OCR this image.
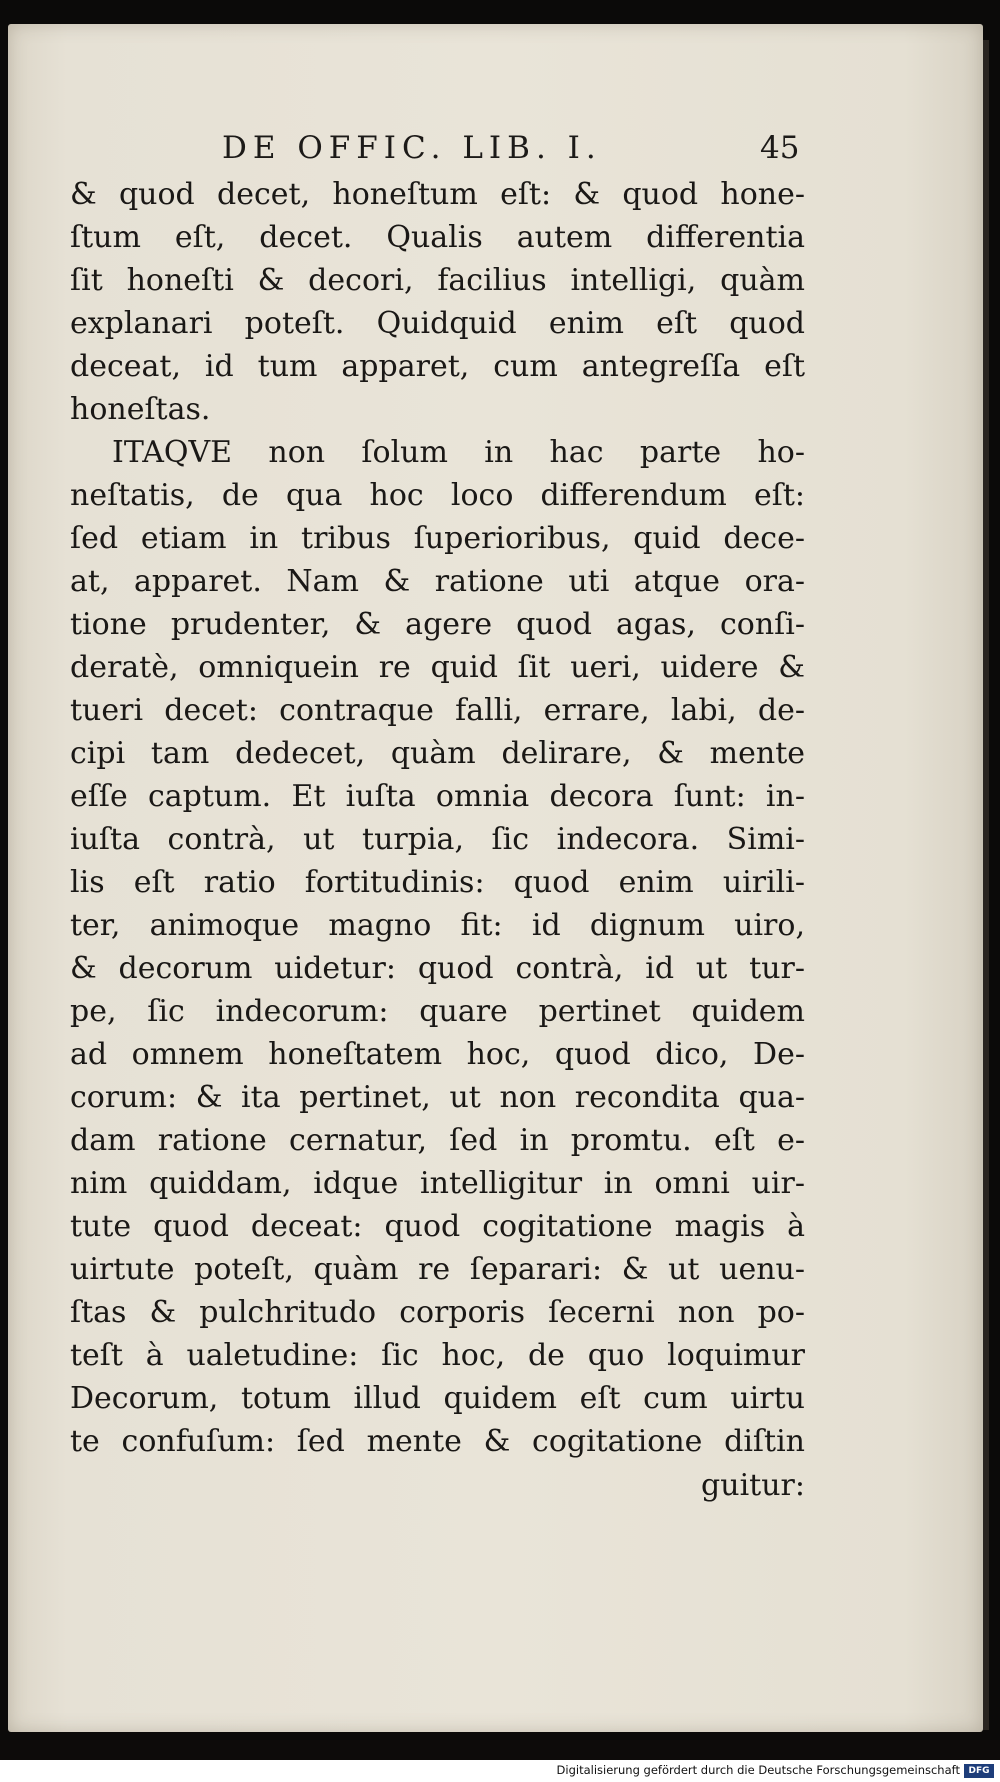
DE OFFIC. LIB. I.	45
& quod decet, honeſtum eſt: & quod hone-
ſtum eſt, decet. Qualis autem differentia
ſit honeſti & decori, facilius intelligi, quàm
explanari poteſt. Quidquid enim eſt quod
deceat, id tum apparet, cum antegreſſa eſt
honeſtas.
ITAQVE non ſolum in hac parte ho-
neſtatis, de qua hoc loco differendum eſt:
ſed etiam in tribus ſuperioribus, quid dece-
at, apparet. Nam & ratione uti atque ora-
tione prudenter, & agere quod agas, conſi-
deratè, omniquein re quid ſit ueri, uidere &
tueri decet: contraque falli, errare, labi, de-
cipi tam dedecet, quàm delirare, & mente
eſſe captum. Et iuſta omnia decora ſunt: in-
iuſta contrà, ut turpia, ſic indecora. Simi-
lis eſt ratio fortitudinis: quod enim uirili-
ter, animoque magno fit: id dignum uiro,
& decorum uidetur: quod contrà, id ut tur-
pe, ſic indecorum: quare pertinet quidem
ad omnem honeſtatem hoc, quod dico, De-
corum: & ita pertinet, ut non recondita qua-
dam ratione cernatur, ſed in promtu. eſt e-
nim quiddam, idque intelligitur in omni uir-
tute quod deceat: quod cogitatione magis à
uirtute poteſt, quàm re ſeparari: & ut uenu-
ſtas & pulchritudo corporis ſecerni non po-
teſt à ualetudine: ſic hoc, de quo loquimur
Decorum, totum illud quidem eſt cum uirtu
te confuſum: ſed mente & cogitatione diſtin
guitur:
Digitalisierung gefördert durch die Deutsche Forschungsgemeinschaft DFG
